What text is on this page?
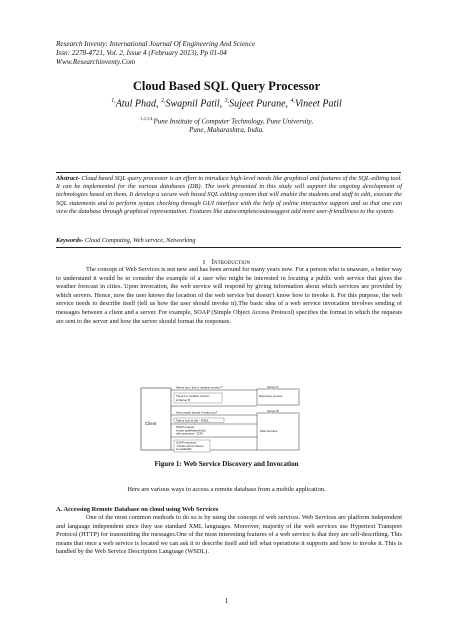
Research Inventy: International Journal Of Engineering And Science
Issn: 2278-4721, Vol. 2, Issue 4 (February 2013), Pp 01-04
Www.Researchinventy.Com
Cloud Based SQL Query Processor
$^{1,}$Atul Phad, $^{2,}$Swapnil Patil, $^{3,}$Sujeet Purane, $^{4,}$Vineet Patil
$^{1,2,3,4,}$Pune Institute of Computer Technology, Pune University,
Pune, Maharashtra, India.
Abstract- Cloud based SQL query processor is an effort to introduce high-level needs like graphical and features of the SQL-editing tool. It can be implemented for the various databases (DB). The work presented in this study will support the ongoing development of technologies based on them. It develop a secure web based SQL editing system that will enable the students and staff to edit, execute the SQL statements and to perform syntax checking through GUI interface with the help of online interactive support and so that one can view the database through graphical representation. Features like autocomplete/autosuggest add more user-friendliness to the system.
Keywords- Cloud Computing, Web service, Networking
I Introduction
The concept of Web Services is not new and has been around for many years now. For a person who is unaware, a better way to understand it would be to consider the example of a user who might be interested in locating a public web service that gives the weather forecast in cities. Upon invocation, the web service will respond by giving information about which services are provided by which servers. Hence, now the user knows the location of the web service but doesn’t know how to invoke it. For this purpose, the web service needs to describe itself (tell us how the user should invoke it).The basic idea of a web service invocation involves sending of messages between a client and a server. For example, SOAP (Simple Object Access Protocol) specifies the format in which the requests are sent to the server and how the server should format the responses.
Client
Server A
Discovery service
Server B
Web Service
Where can I find a “weather service”?
There’s a “weather service”
at Server B
How exactly should I invoke you?
Take a look at this - WSDL
SOAP request:
Invoke getWeatherInfo()
with parameter “1234”
SOAP response:
“Clouds with a chance
of meatballs”
Figure 1: Web Service Discovery and Invocation
Here are various ways to access a remote database from a mobile application.
A. Accessing Remote Database on cloud using Web Services
One of the most common methods to do so is by using the concept of web services. Web Services are platform independent and language independent since they use standard XML languages. Moreover, majority of the web services use Hypertext Transport Protocol (HTTP) for transmitting the messages.One of the most interesting features of a web service is that they are self-describing. This means that once a web service is located we can ask it to describe itself and tell what operations it supports and how to invoke it. This is handled by the Web Service Description Language (WSDL).
1
